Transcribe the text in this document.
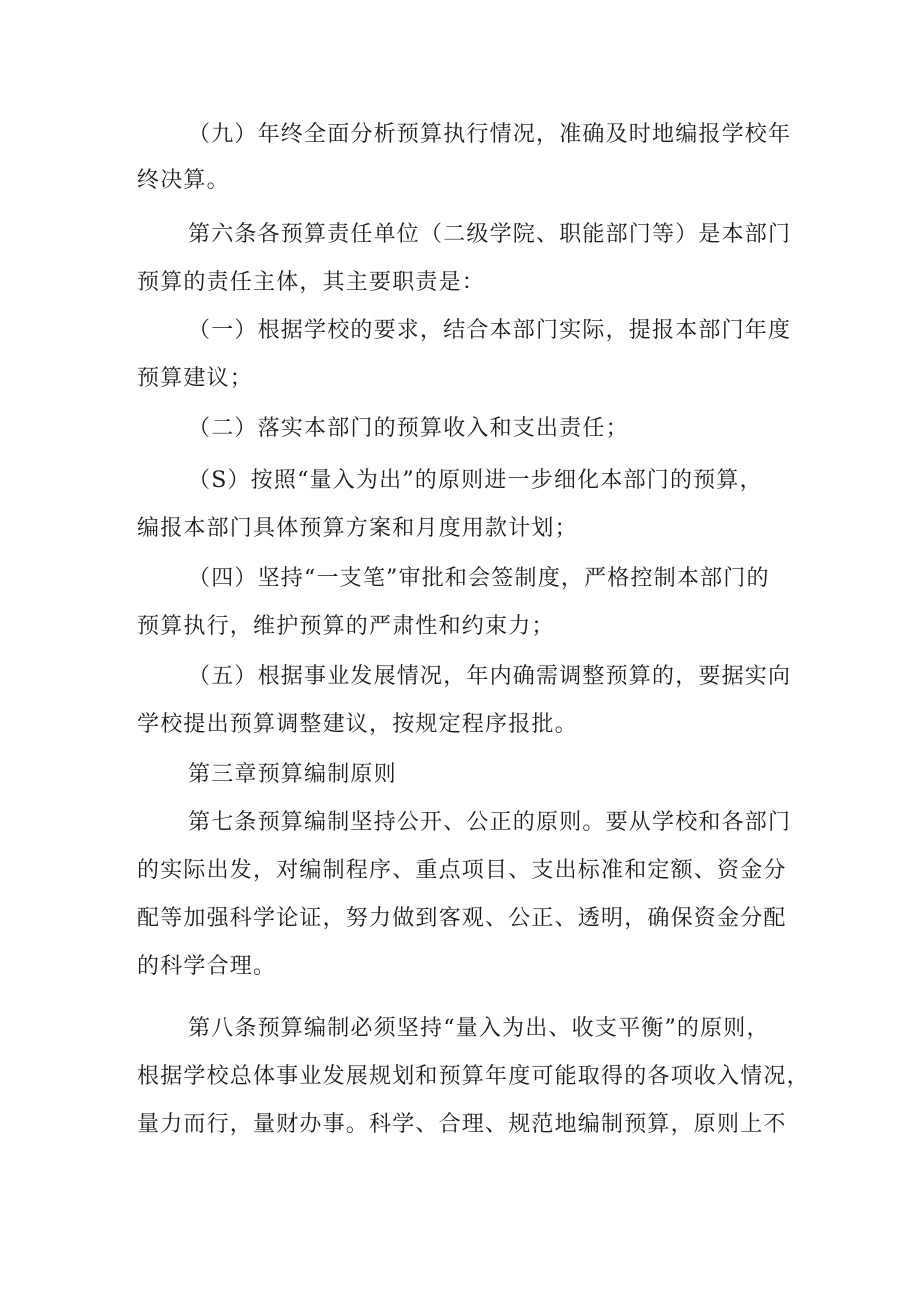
（九）年终全面分析预算执行情况，准确及时地编报学校年
终决算。
第六条各预算责任单位（二级学院、职能部门等）是本部门
预算的责任主体，其主要职责是：
（一）根据学校的要求，结合本部门实际，提报本部门年度
预算建议；
（二）落实本部门的预算收入和支出责任；
（S）按照“量入为出”的原则进一步细化本部门的预算，
编报本部门具体预算方案和月度用款计划；
（四）坚持“一支笔”审批和会签制度，严格控制本部门的
预算执行，维护预算的严肃性和约束力；
（五）根据事业发展情况，年内确需调整预算的，要据实向
学校提出预算调整建议，按规定程序报批。
第三章预算编制原则
第七条预算编制坚持公开、公正的原则。要从学校和各部门
的实际出发，对编制程序、重点项目、支出标准和定额、资金分
配等加强科学论证，努力做到客观、公正、透明，确保资金分配
的科学合理。
第八条预算编制必须坚持“量入为出、收支平衡”的原则，
根据学校总体事业发展规划和预算年度可能取得的各项收入情况，
量力而行，量财办事。科学、合理、规范地编制预算，原则上不
